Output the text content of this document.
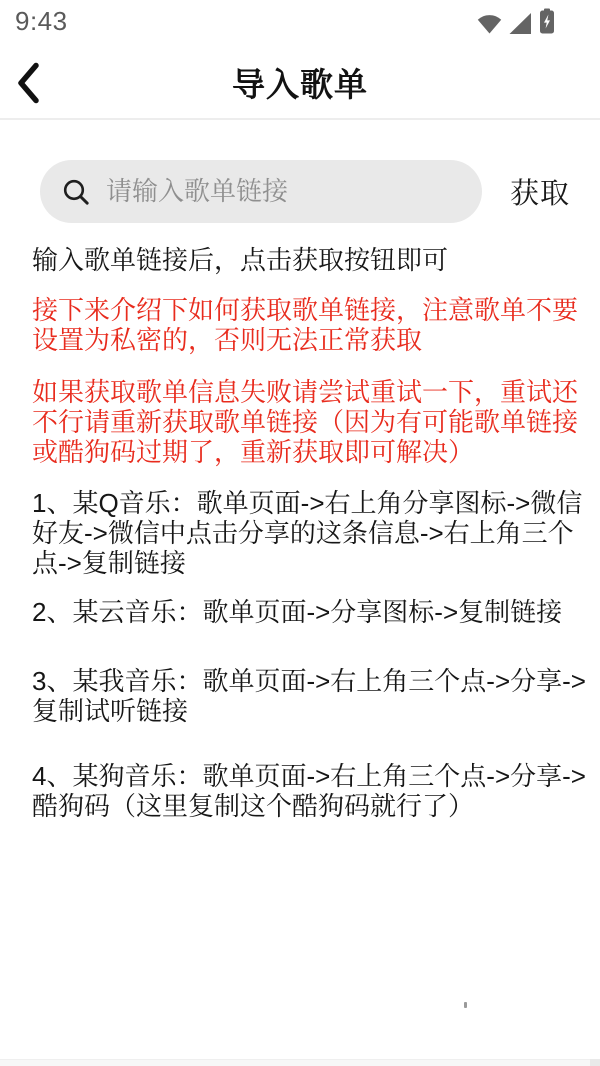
9:43
导入歌单
请输入歌单链接
获取
输入歌单链接后，点击获取按钮即可
接下来介绍下如何获取歌单链接，注意歌单不要
设置为私密的，否则无法正常获取
如果获取歌单信息失败请尝试重试一下，重试还
不行请重新获取歌单链接（因为有可能歌单链接
或酷狗码过期了，重新获取即可解决）
1、某Q音乐：歌单页面->右上角分享图标->微信
好友->微信中点击分享的这条信息->右上角三个
点->复制链接
2、某云音乐：歌单页面->分享图标->复制链接
3、某我音乐：歌单页面->右上角三个点->分享->
复制试听链接
4、某狗音乐：歌单页面->右上角三个点->分享->
酷狗码（这里复制这个酷狗码就行了）
